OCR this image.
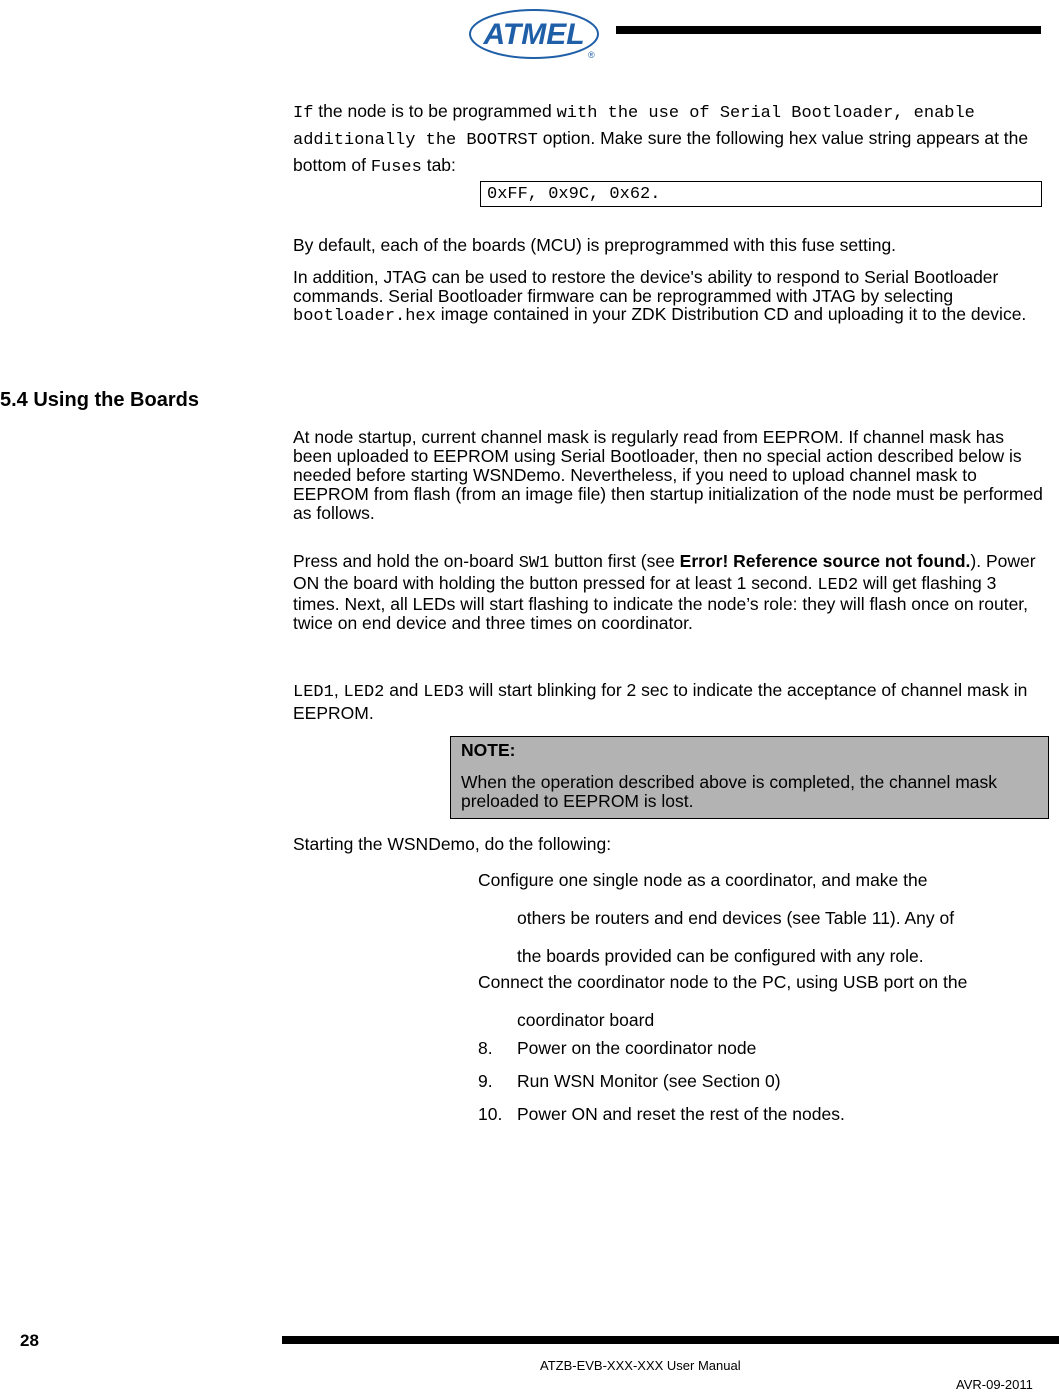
ATMEL
®

If the node is to be programmed with the use of Serial Bootloader, enable additionally the BOOTRST option. Make sure the following hex value string appears at the bottom of Fuses tab:

0xFF, 0x9C, 0x62.

By default, each of the boards (MCU) is preprogrammed with this fuse setting.

In addition, JTAG can be used to restore the device's ability to respond to Serial Bootloader commands. Serial Bootloader firmware can be reprogrammed with JTAG by selecting bootloader.hex image contained in your ZDK Distribution CD and uploading it to the device.

5.4 Using the Boards

At node startup, current channel mask is regularly read from EEPROM. If channel mask has been uploaded to EEPROM using Serial Bootloader, then no special action described below is needed before starting WSNDemo. Nevertheless, if you need to upload channel mask to EEPROM from flash (from an image file) then startup initialization of the node must be performed as follows.

Press and hold the on-board SW1 button first (see Error! Reference source not found.). Power ON the board with holding the button pressed for at least 1 second. LED2 will get flashing 3 times. Next, all LEDs will start flashing to indicate the node’s role: they will flash once on router, twice on end device and three times on coordinator.

LED1, LED2 and LED3 will start blinking for 2 sec to indicate the acceptance of channel mask in EEPROM.

NOTE:
When the operation described above is completed, the channel mask preloaded to EEPROM is lost.

Starting the WSNDemo, do the following:

Configure one single node as a coordinator, and make the
others be routers and end devices (see Table 11). Any of
the boards provided can be configured with any role.
Connect the coordinator node to the PC, using USB port on the
coordinator board
8. Power on the coordinator node
9. Run WSN Monitor (see Section 0)
10. Power ON and reset the rest of the nodes.
28
ATZB-EVB-XXX-XXX User Manual
AVR-09-2011
